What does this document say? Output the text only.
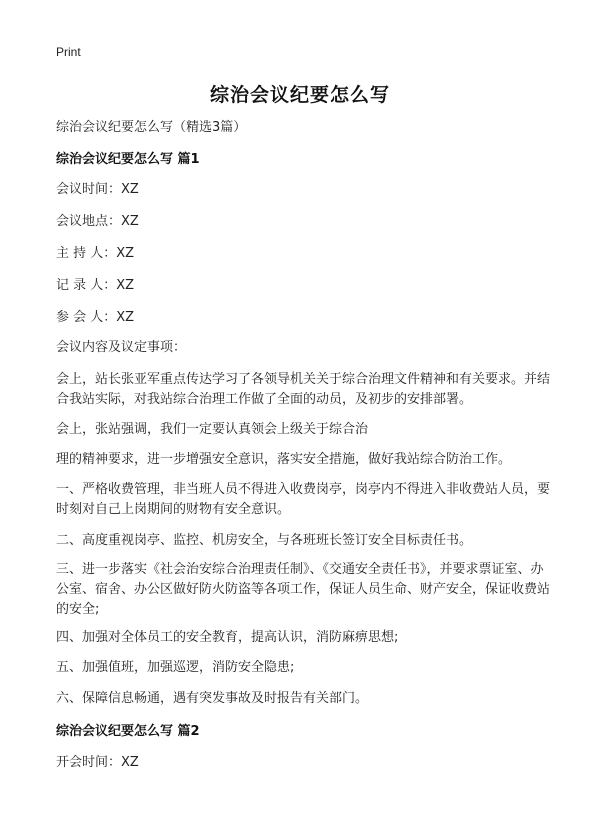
Print
综治会议纪要怎么写
综治会议纪要怎么写（精选3篇）
综治会议纪要怎么写 篇1
会议时间：XZ
会议地点：XZ
主 持 人：XZ
记 录 人：XZ
参 会 人：XZ
会议内容及议定事项：
会上，站长张亚军重点传达学习了各领导机关关于综合治理文件精神和有关要求。并结合我站实际，对我站综合治理工作做了全面的动员，及初步的安排部署。
会上，张站强调，我们一定要认真领会上级关于综合治
理的精神要求，进一步增强安全意识，落实安全措施，做好我站综合防治工作。
一、严格收费管理，非当班人员不得进入收费岗亭，岗亭内不得进入非收费站人员，要时刻对自己上岗期间的财物有安全意识。
二、高度重视岗亭、监控、机房安全，与各班班长签订安全目标责任书。
三、进一步落实《社会治安综合治理责任制》、《交通安全责任书》，并要求票证室、办公室、宿舍、办公区做好防火防盗等各项工作，保证人员生命、财产安全，保证收费站的安全;
四、加强对全体员工的安全教育，提高认识，消防麻痹思想;
五、加强值班，加强巡逻，消防安全隐患;
六、保障信息畅通，遇有突发事故及时报告有关部门。
综治会议纪要怎么写 篇2
开会时间：XZ
